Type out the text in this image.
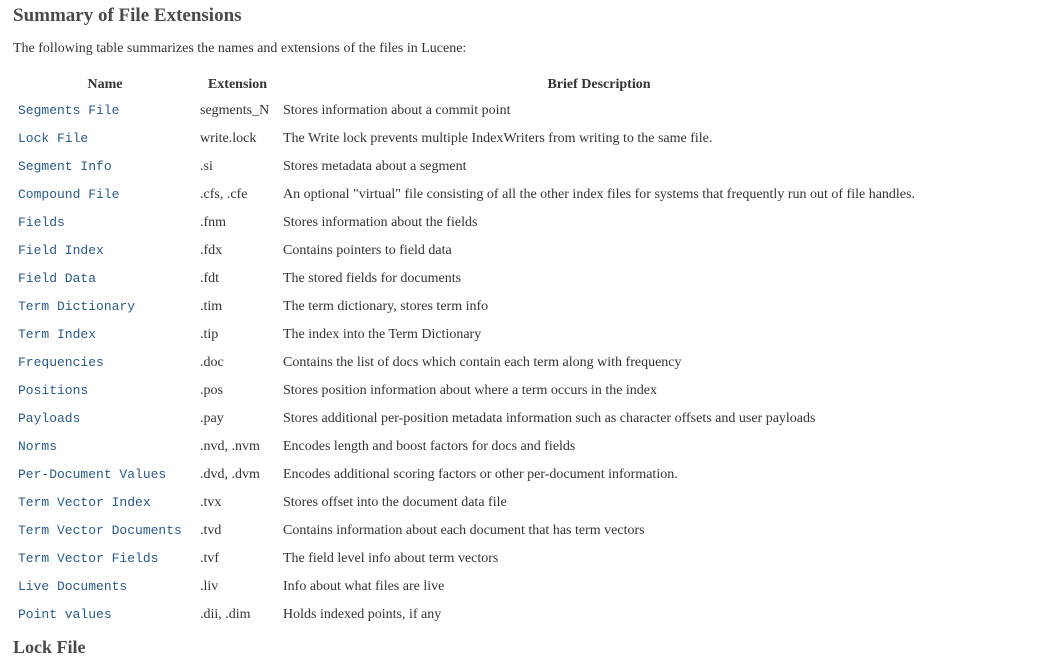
Summary of File Extensions

The following table summarizes the names and extensions of the files in Lucene:

Name	Extension	Brief Description
Segments File	segments_N	Stores information about a commit point
Lock File	write.lock	The Write lock prevents multiple IndexWriters from writing to the same file.
Segment Info	.si	Stores metadata about a segment
Compound File	.cfs, .cfe	An optional "virtual" file consisting of all the other index files for systems that frequently run out of file handles.
Fields	.fnm	Stores information about the fields
Field Index	.fdx	Contains pointers to field data
Field Data	.fdt	The stored fields for documents
Term Dictionary	.tim	The term dictionary, stores term info
Term Index	.tip	The index into the Term Dictionary
Frequencies	.doc	Contains the list of docs which contain each term along with frequency
Positions	.pos	Stores position information about where a term occurs in the index
Payloads	.pay	Stores additional per-position metadata information such as character offsets and user payloads
Norms	.nvd, .nvm	Encodes length and boost factors for docs and fields
Per-Document Values	.dvd, .dvm	Encodes additional scoring factors or other per-document information.
Term Vector Index	.tvx	Stores offset into the document data file
Term Vector Documents	.tvd	Contains information about each document that has term vectors
Term Vector Fields	.tvf	The field level info about term vectors
Live Documents	.liv	Info about what files are live
Point values	.dii, .dim	Holds indexed points, if any
Lock File
